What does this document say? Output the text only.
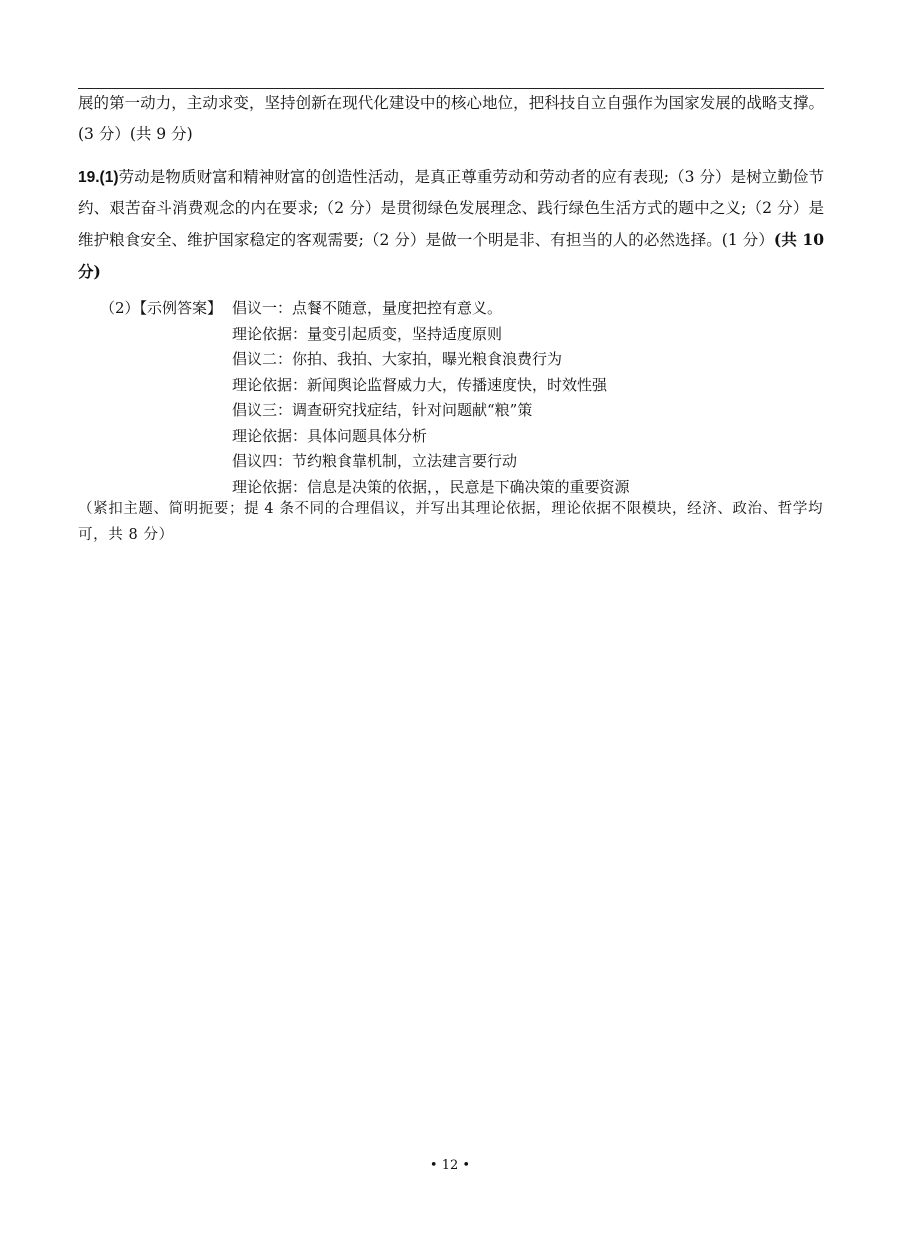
展的第一动力，主动求变，坚持创新在现代化建设中的核心地位，把科技自立自强作为国家发展的战略支撑。(3 分）(共 9 分)

19.(1)劳动是物质财富和精神财富的创造性活动，是真正尊重劳动和劳动者的应有表现;（3 分）是树立勤俭节约、艰苦奋斗消费观念的内在要求;（2 分）是贯彻绿色发展理念、践行绿色生活方式的题中之义;（2 分）是维护粮食安全、维护国家稳定的客观需要;（2 分）是做一个明是非、有担当的人的必然选择。(1 分）(共 10 分)

（2）【示例答案】 倡议一：点餐不随意，量度把控有意义。
理论依据：量变引起质变，坚持适度原则
倡议二：你拍、我拍、大家拍，曝光粮食浪费行为
理论依据：新闻舆论监督威力大，传播速度快，时效性强
倡议三：调查研究找症结，针对问题献“粮”策
理论依据：具体问题具体分析
倡议四：节约粮食靠机制，立法建言要行动
理论依据：信息是决策的依据，，民意是下确决策的重要资源

（紧扣主题、简明扼要；提 4 条不同的合理倡议，并写出其理论依据，理论依据不限模块，经济、政治、哲学均可，共 8 分）

• 12 •
